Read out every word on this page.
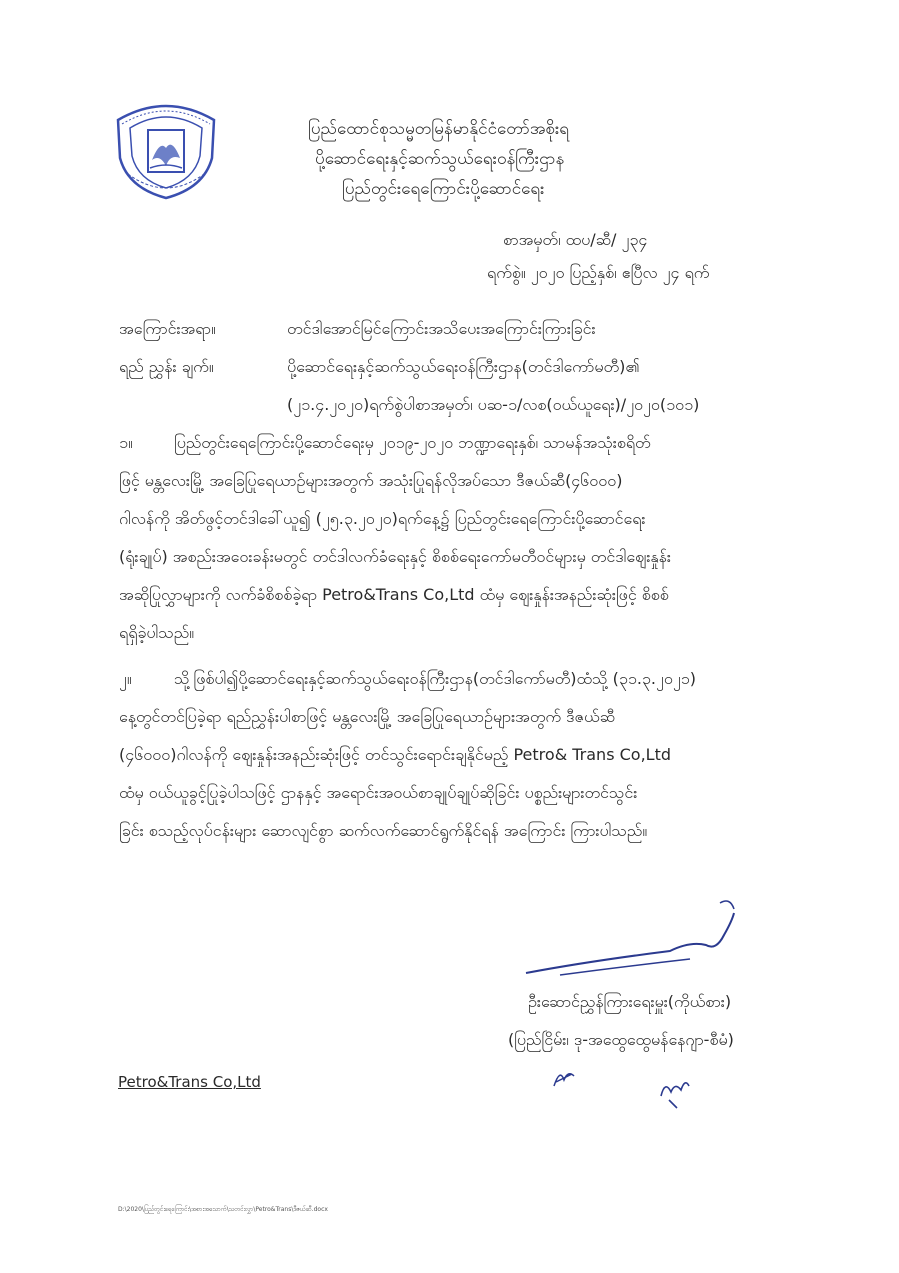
ပြည်ထောင်စုသမ္မတမြန်မာနိုင်ငံတော်အစိုးရ
ပို့ဆောင်ရေးနှင့်ဆက်သွယ်ရေးဝန်ကြီးဌာန
ပြည်တွင်းရေကြောင်းပို့ဆောင်ရေး
စာအမှတ်၊ ထပ/ဆီ/ ၂၃၄
ရက်စွဲ။ ၂၀၂၀ ပြည့်နှစ်၊ ဧပြီလ ၂၄ ရက်
အကြောင်းအရာ။	တင်ဒါအောင်မြင်ကြောင်းအသိပေးအကြောင်းကြားခြင်း
ရည် ညွှန်း ချက်။	ပို့ဆောင်ရေးနှင့်ဆက်သွယ်ရေးဝန်ကြီးဌာန(တင်ဒါကော်မတီ)၏
(၂၁.၄.၂၀၂၀)ရက်စွဲပါစာအမှတ်၊ ပဆ-၁/လစ(ဝယ်ယူရေး)/၂၀၂၀(၁၀၁)
၁။	ပြည်တွင်းရေကြောင်းပို့ဆောင်ရေးမှ ၂၀၁၉-၂၀၂၀ ဘဏ္ဍာရေးနှစ်၊ သာမန်အသုံးစရိတ်
ဖြင့် မန္တလေးမြို့ အခြေပြုရေယာဉ်များအတွက် အသုံးပြုရန်လိုအပ်သော ဒီဇယ်ဆီ(၄၆၀၀၀)
ဂါလန်ကို အိတ်ဖွင့်တင်ဒါခေါ်ယူ၍ (၂၅.၃.၂၀၂၀)ရက်နေ့၌ ပြည်တွင်းရေကြောင်းပို့ဆောင်ရေး
(ရုံးချုပ်) အစည်းအဝေးခန်းမတွင် တင်ဒါလက်ခံရေးနှင့် စိစစ်ရေးကော်မတီဝင်များမှ တင်ဒါဈေးနှုန်း
အဆိုပြုလွှာများကို လက်ခံစိစစ်ခဲ့ရာ Petro&Trans Co,Ltd ထံမှ ဈေးနှုန်းအနည်းဆုံးဖြင့် စိစစ်
ရရှိခဲ့ပါသည်။
၂။	သို့ဖြစ်ပါ၍ပို့ဆောင်ရေးနှင့်ဆက်သွယ်ရေးဝန်ကြီးဌာန(တင်ဒါကော်မတီ)ထံသို့ (၃၁.၃.၂၀၂၁)
နေ့တွင်တင်ပြခဲ့ရာ ရည်ညွှန်းပါစာဖြင့် မန္တလေးမြို့ အခြေပြုရေယာဉ်များအတွက် ဒီဇယ်ဆီ
(၄၆၀၀၀)ဂါလန်ကို ဈေးနှုန်းအနည်းဆုံးဖြင့် တင်သွင်းရောင်းချနိုင်မည့် Petro& Trans Co,Ltd
ထံမှ ဝယ်ယူခွင့်ပြုခဲ့ပါသဖြင့် ဌာနနှင့် အရောင်းအဝယ်စာချုပ်ချုပ်ဆိုခြင်း ပစ္စည်းများတင်သွင်း
ခြင်း စသည့်လုပ်ငန်းများ ဆောလျင်စွာ ဆက်လက်ဆောင်ရွက်နိုင်ရန် အကြောင်း ကြားပါသည်။
ဦးဆောင်ညွှန်ကြားရေးမှူး(ကိုယ်စား)
(ပြည်ငြိမ်း၊ ဒု-အထွေထွေမန်နေဂျာ-စီမံ)
Petro&Trans Co,Ltd
D:\2020\ပြည်တွင်းရေကြောင်း\အစားအသောက်\သတင်းလွှာ\Petro&Trans\ဒီဇယ်ဆီ.docx
